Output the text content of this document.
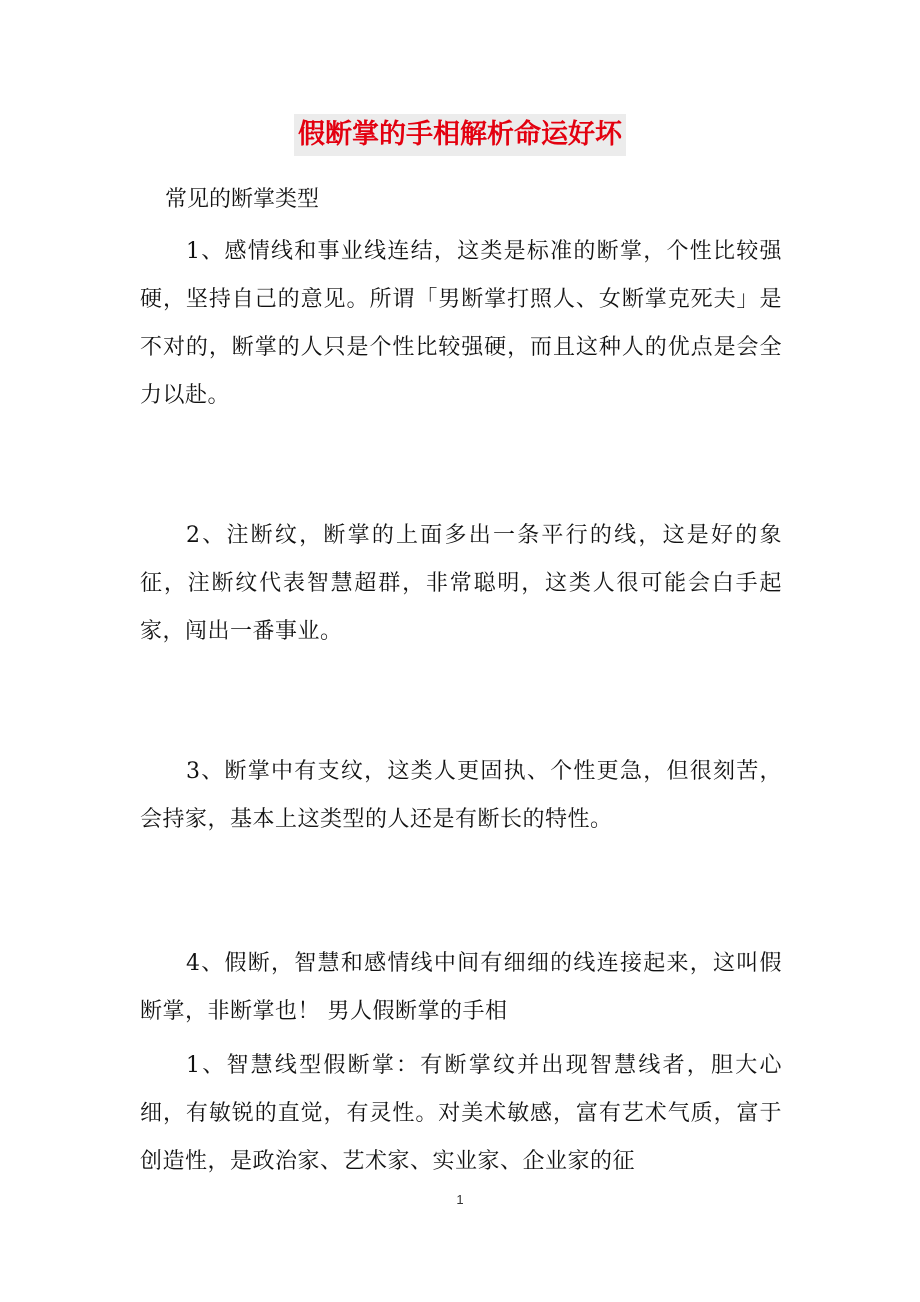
假断掌的手相解析命运好坏

常见的断掌类型

1、感情线和事业线连结，这类是标准的断掌，个性比较强硬，坚持自己的意见。所谓「男断掌打照人、女断掌克死夫」是不对的，断掌的人只是个性比较强硬，而且这种人的优点是会全力以赴。

2、注断纹，断掌的上面多出一条平行的线，这是好的象征，注断纹代表智慧超群，非常聪明，这类人很可能会白手起家，闯出一番事业。

3、断掌中有支纹，这类人更固执、个性更急，但很刻苦，会持家，基本上这类型的人还是有断长的特性。

4、假断，智慧和感情线中间有细细的线连接起来，这叫假断掌，非断掌也！ 男人假断掌的手相

1、智慧线型假断掌：有断掌纹并出现智慧线者，胆大心细，有敏锐的直觉，有灵性。对美术敏感，富有艺术气质，富于创造性，是政治家、艺术家、实业家、企业家的征

1
